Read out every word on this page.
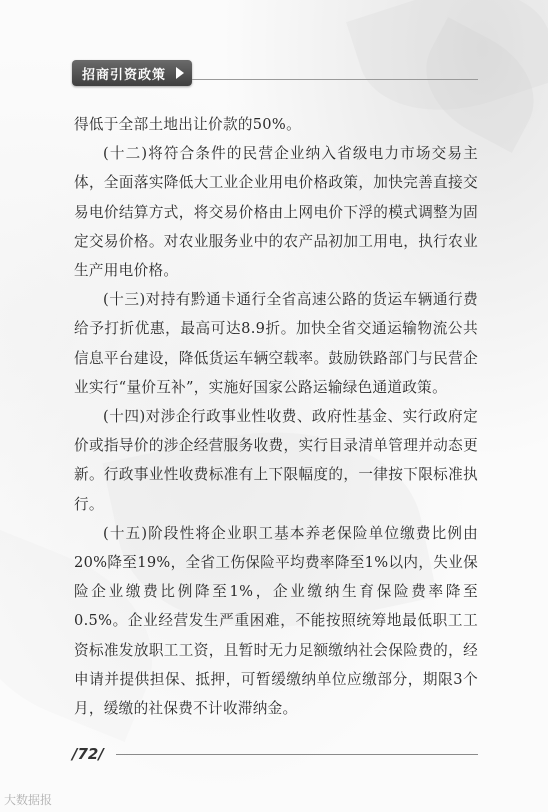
招商引资政策

得低于全部土地出让价款的50%。

(十二)将符合条件的民营企业纳入省级电力市场交易主体，全面落实降低大工业企业用电价格政策，加快完善直接交易电价结算方式，将交易价格由上网电价下浮的模式调整为固定交易价格。对农业服务业中的农产品初加工用电，执行农业生产用电价格。

(十三)对持有黔通卡通行全省高速公路的货运车辆通行费给予打折优惠，最高可达8.9折。加快全省交通运输物流公共信息平台建设，降低货运车辆空载率。鼓励铁路部门与民营企业实行“量价互补”，实施好国家公路运输绿色通道政策。

(十四)对涉企行政事业性收费、政府性基金、实行政府定价或指导价的涉企经营服务收费，实行目录清单管理并动态更新。行政事业性收费标准有上下限幅度的，一律按下限标准执行。

(十五)阶段性将企业职工基本养老保险单位缴费比例由20%降至19%，全省工伤保险平均费率降至1%以内，失业保险企业缴费比例降至1%，企业缴纳生育保险费率降至0.5%。企业经营发生严重困难，不能按照统筹地最低职工工资标准发放职工工资，且暂时无力足额缴纳社会保险费的，经申请并提供担保、抵押，可暂缓缴纳单位应缴部分，期限3个月，缓缴的社保费不计收滞纳金。

/72/
大数据报
